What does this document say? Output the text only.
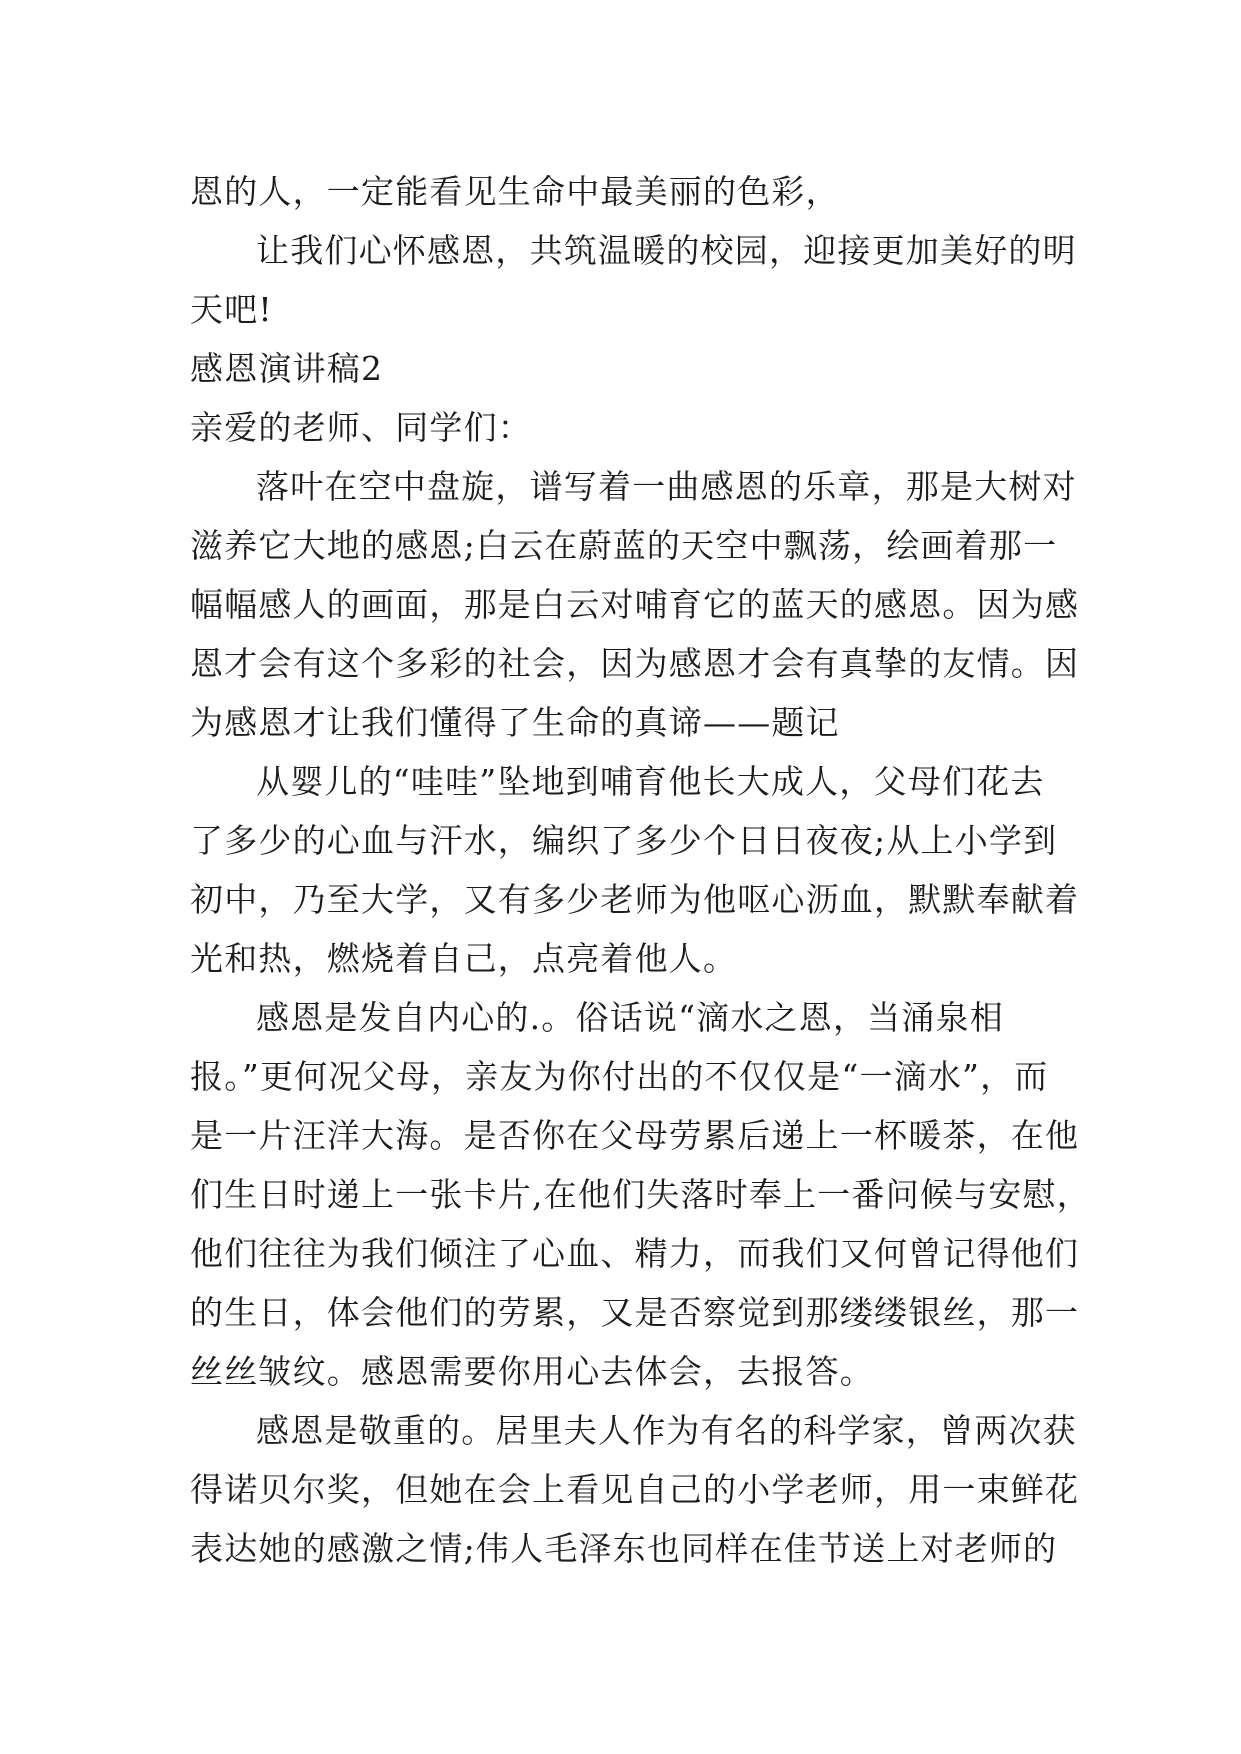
恩的人，一定能看见生命中最美丽的色彩，
让我们心怀感恩，共筑温暖的校园，迎接更加美好的明
天吧!
感恩演讲稿2
亲爱的老师、同学们：
落叶在空中盘旋，谱写着一曲感恩的乐章，那是大树对
滋养它大地的感恩;白云在蔚蓝的天空中飘荡，绘画着那一
幅幅感人的画面，那是白云对哺育它的蓝天的感恩。因为感
恩才会有这个多彩的社会，因为感恩才会有真挚的友情。因
为感恩才让我们懂得了生命的真谛——题记
从婴儿的“哇哇”坠地到哺育他长大成人，父母们花去
了多少的心血与汗水，编织了多少个日日夜夜;从上小学到
初中，乃至大学，又有多少老师为他呕心沥血，默默奉献着
光和热，燃烧着自己，点亮着他人。
感恩是发自内心的.。俗话说“滴水之恩，当涌泉相
报。”更何况父母，亲友为你付出的不仅仅是“一滴水”，而
是一片汪洋大海。是否你在父母劳累后递上一杯暖茶，在他
们生日时递上一张卡片,在他们失落时奉上一番问候与安慰，
他们往往为我们倾注了心血、精力，而我们又何曾记得他们
的生日，体会他们的劳累，又是否察觉到那缕缕银丝，那一
丝丝皱纹。感恩需要你用心去体会，去报答。
感恩是敬重的。居里夫人作为有名的科学家，曾两次获
得诺贝尔奖，但她在会上看见自己的小学老师，用一束鲜花
表达她的感激之情;伟人毛泽东也同样在佳节送上对老师的
